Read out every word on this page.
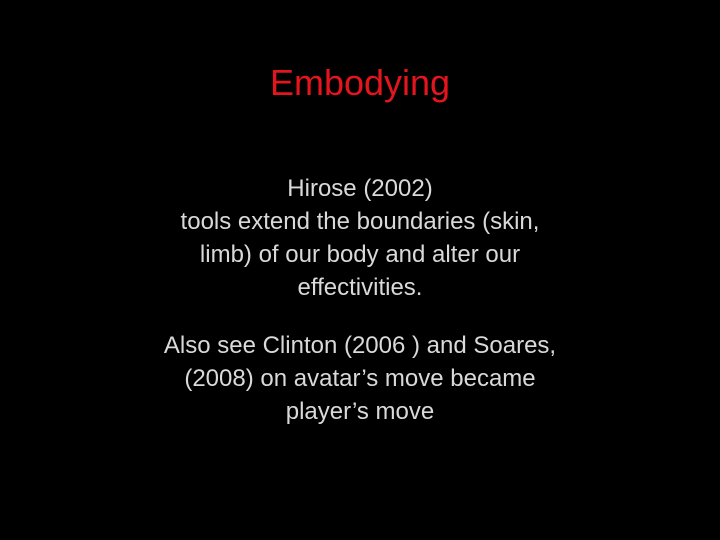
Embodying

Hirose (2002)
tools extend the boundaries (skin,
limb) of our body and alter our
effectivities.

Also see Clinton (2006 ) and Soares,
(2008) on avatar’s move became
player’s move
